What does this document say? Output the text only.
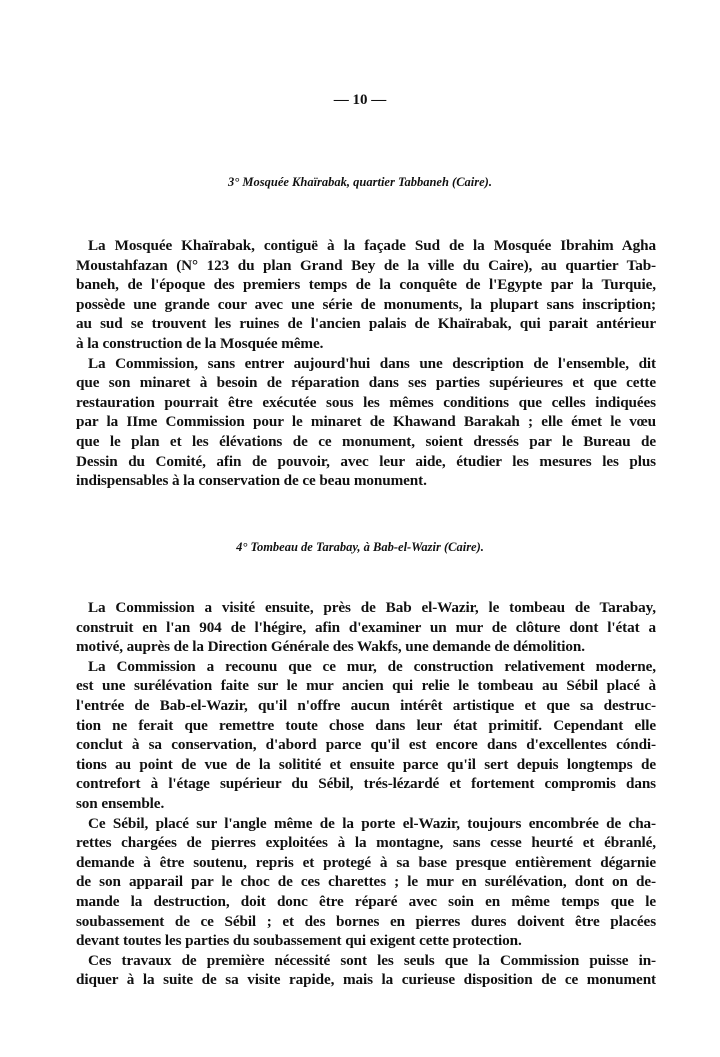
— 10 —
3° Mosquée Khaïrabak, quartier Tabbaneh (Caire).
La Mosquée Khaïrabak, contiguë à la façade Sud de la Mosquée Ibrahim Agha
Moustahfazan (N° 123 du plan Grand Bey de la ville du Caire), au quartier Tab-
baneh, de l'époque des premiers temps de la conquête de l'Egypte par la Turquie,
possède une grande cour avec une série de monuments, la plupart sans inscription;
au sud se trouvent les ruines de l'ancien palais de Khaïrabak, qui parait antérieur
à la construction de la Mosquée même.
La Commission, sans entrer aujourd'hui dans une description de l'ensemble, dit
que son minaret à besoin de réparation dans ses parties supérieures et que cette
restauration pourrait être exécutée sous les mêmes conditions que celles indiquées
par la IIme Commission pour le minaret de Khawand Barakah ; elle émet le vœu
que le plan et les élévations de ce monument, soient dressés par le Bureau de
Dessin du Comité, afin de pouvoir, avec leur aide, étudier les mesures les plus
indispensables à la conservation de ce beau monument.
4° Tombeau de Tarabay, à Bab-el-Wazir (Caire).
La Commission a visité ensuite, près de Bab el-Wazir, le tombeau de Tarabay,
construit en l'an 904 de l'hégire, afin d'examiner un mur de clôture dont l'état a
motivé, auprès de la Direction Générale des Wakfs, une demande de démolition.
La Commission a recounu que ce mur, de construction relativement moderne,
est une surélévation faite sur le mur ancien qui relie le tombeau au Sébil placé à
l'entrée de Bab-el-Wazir, qu'il n'offre aucun intérêt artistique et que sa destruc-
tion ne ferait que remettre toute chose dans leur état primitif. Cependant elle
conclut à sa conservation, d'abord parce qu'il est encore dans d'excellentes cóndi-
tions au point de vue de la solitité et ensuite parce qu'il sert depuis longtemps de
contrefort à l'étage supérieur du Sébil, trés-lézardé et fortement compromis dans
son ensemble.
Ce Sébil, placé sur l'angle même de la porte el-Wazir, toujours encombrée de cha-
rettes chargées de pierres exploitées à la montagne, sans cesse heurté et ébranlé,
demande à être soutenu, repris et protegé à sa base presque entièrement dégarnie
de son apparail par le choc de ces charettes ; le mur en surélévation, dont on de-
mande la destruction, doit donc être réparé avec soin en même temps que le
soubassement de ce Sébil ; et des bornes en pierres dures doivent être placées
devant toutes les parties du soubassement qui exigent cette protection.
Ces travaux de première nécessité sont les seuls que la Commission puisse in-
diquer à la suite de sa visite rapide, mais la curieuse disposition de ce monument
